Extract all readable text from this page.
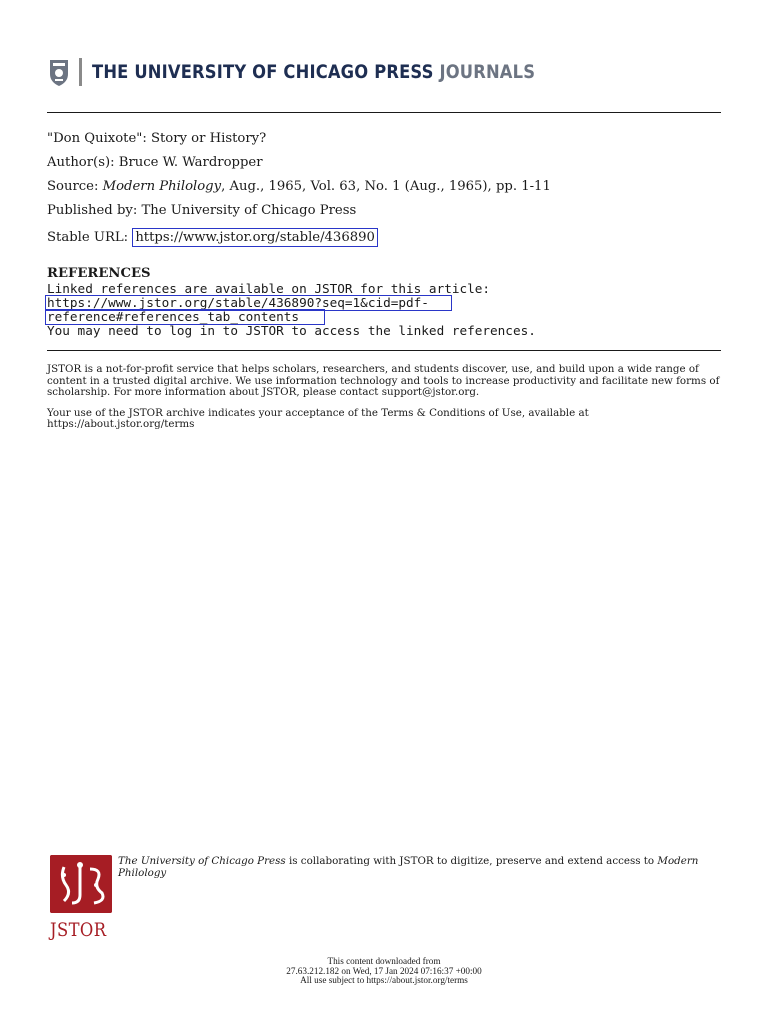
THE UNIVERSITY OF CHICAGO PRESS JOURNALS
"Don Quixote": Story or History?
Author(s): Bruce W. Wardropper
Source: Modern Philology, Aug., 1965, Vol. 63, No. 1 (Aug., 1965), pp. 1-11
Published by: The University of Chicago Press
Stable URL: https://www.jstor.org/stable/436890
REFERENCES
Linked references are available on JSTOR for this article:
https://www.jstor.org/stable/436890?seq=1&cid=pdf-
reference#references_tab_contents
You may need to log in to JSTOR to access the linked references.

JSTOR is a not-for-profit service that helps scholars, researchers, and students discover, use, and build upon a wide range of content in a trusted digital archive. We use information technology and tools to increase productivity and facilitate new forms of scholarship. For more information about JSTOR, please contact support@jstor.org.

Your use of the JSTOR archive indicates your acceptance of the Terms & Conditions of Use, available at https://about.jstor.org/terms

JSTOR
The University of Chicago Press is collaborating with JSTOR to digitize, preserve and extend access to Modern Philology
This content downloaded from
27.63.212.182 on Wed, 17 Jan 2024 07:16:37 +00:00
All use subject to https://about.jstor.org/terms
